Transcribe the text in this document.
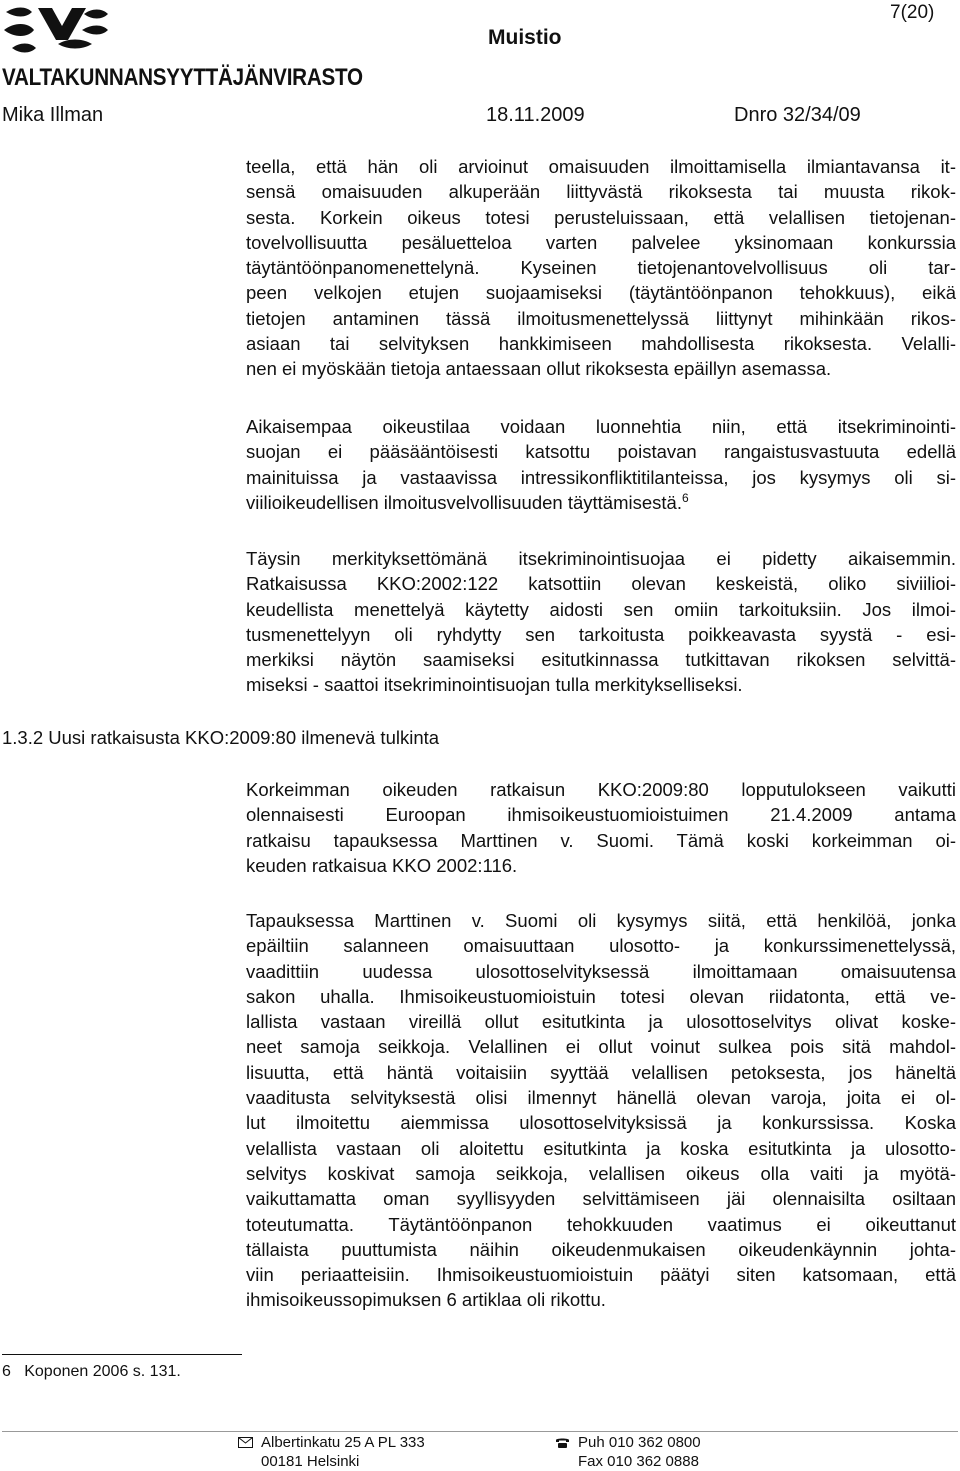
VALTAKUNNANSYYTTÄJÄNVIRASTO
Muistio
7(20)
Mika Illman	18.11.2009	Dnro 32/34/09
teella, että hän oli arvioinut omaisuuden ilmoittamisella ilmiantavansa it-
sensä omaisuuden alkuperään liittyvästä rikoksesta tai muusta rikok-
sesta. Korkein oikeus totesi perusteluissaan, että velallisen tietojenan-
tovelvollisuutta pesäluetteloa varten palvelee yksinomaan konkurssia
täytäntöönpanomenettelynä. Kyseinen tietojenantovelvollisuus oli tar-
peen velkojen etujen suojaamiseksi (täytäntöönpanon tehokkuus), eikä
tietojen antaminen tässä ilmoitusmenettelyssä liittynyt mihinkään rikos-
asiaan tai selvityksen hankkimiseen mahdollisesta rikoksesta. Velalli-
nen ei myöskään tietoja antaessaan ollut rikoksesta epäillyn asemassa.
Aikaisempaa oikeustilaa voidaan luonnehtia niin, että itsekriminointi-
suojan ei pääsääntöisesti katsottu poistavan rangaistusvastuuta edellä
mainituissa ja vastaavissa intressikonfliktitilanteissa, jos kysymys oli si-
viilioikeudellisen ilmoitusvelvollisuuden täyttämisestä.$^6$
Täysin merkityksettömänä itsekriminointisuojaa ei pidetty aikaisemmin.
Ratkaisussa KKO:2002:122 katsottiin olevan keskeistä, oliko siviilioi-
keudellista menettelyä käytetty aidosti sen omiin tarkoituksiin. Jos ilmoi-
tusmenettelyyn oli ryhdytty sen tarkoitusta poikkeavasta syystä - esi-
merkiksi näytön saamiseksi esitutkinnassa tutkittavan rikoksen selvittä-
miseksi - saattoi itsekriminointisuojan tulla merkitykselliseksi.
1.3.2 Uusi ratkaisusta KKO:2009:80 ilmenevä tulkinta
Korkeimman oikeuden ratkaisun KKO:2009:80 lopputulokseen vaikutti
olennaisesti Euroopan ihmisoikeustuomioistuimen 21.4.2009 antama
ratkaisu tapauksessa Marttinen v. Suomi. Tämä koski korkeimman oi-
keuden ratkaisua KKO 2002:116.
Tapauksessa Marttinen v. Suomi oli kysymys siitä, että henkilöä, jonka
epäiltiin salanneen omaisuuttaan ulosotto- ja konkurssimenettelyssä,
vaadittiin uudessa ulosottoselvityksessä ilmoittamaan omaisuutensa
sakon uhalla. Ihmisoikeustuomioistuin totesi olevan riidatonta, että ve-
lallista vastaan vireillä ollut esitutkinta ja ulosottoselvitys olivat koske-
neet samoja seikkoja. Velallinen ei ollut voinut sulkea pois sitä mahdol-
lisuutta, että häntä voitaisiin syyttää velallisen petoksesta, jos häneltä
vaaditusta selvityksestä olisi ilmennyt hänellä olevan varoja, joita ei ol-
lut ilmoitettu aiemmissa ulosottoselvityksissä ja konkurssissa. Koska
velallista vastaan oli aloitettu esitutkinta ja koska esitutkinta ja ulosotto-
selvitys koskivat samoja seikkoja, velallisen oikeus olla vaiti ja myötä-
vaikuttamatta oman syyllisyyden selvittämiseen jäi olennaisilta osiltaan
toteutumatta. Täytäntöönpanon tehokkuuden vaatimus ei oikeuttanut
tällaista puuttumista näihin oikeudenmukaisen oikeudenkäynnin johta-
viin periaatteisiin. Ihmisoikeustuomioistuin päätyi siten katsomaan, että
ihmisoikeussopimuksen 6 artiklaa oli rikottu.
6   Koponen 2006 s. 131.
Albertinkatu 25 A PL 333
00181 Helsinki
Puh 010 362 0800
Fax 010 362 0888
